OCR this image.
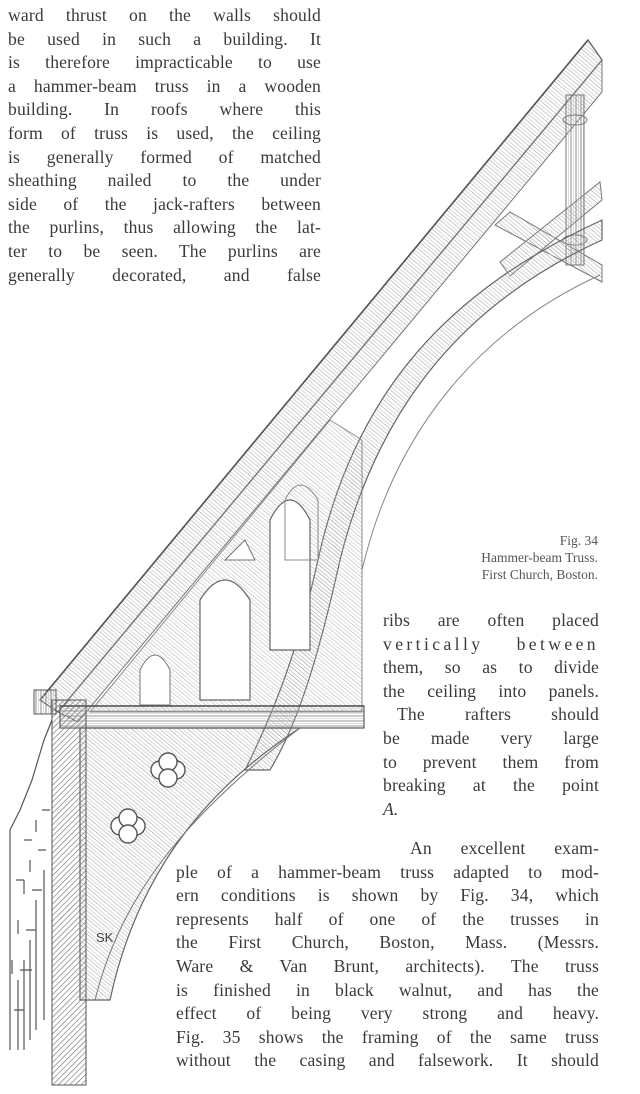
ward thrust on the walls should
be used in such a building. It
is therefore impracticable to use
a hammer-beam truss in a wooden
building. In roofs where this
form of truss is used, the ceiling
is generally formed of matched
sheathing nailed to the under
side of the jack-rafters between
the purlins, thus allowing the lat-
ter to be seen. The purlins are
generally decorated, and false
Fig. 34
Hammer-beam Truss.
First Church, Boston.
ribs are often placed
vertically between
them, so as to divide
the ceiling into panels.
The rafters should
be made very large
to prevent them from
breaking at the point
A.
An excellent exam-
ple of a hammer-beam truss adapted to mod-
ern conditions is shown by Fig. 34, which
represents half of one of the trusses in
the First Church, Boston, Mass. (Messrs.
Ware & Van Brunt, architects). The truss
is finished in black walnut, and has the
effect of being very strong and heavy.
Fig. 35 shows the framing of the same truss
without the casing and falsework. It should
SK
